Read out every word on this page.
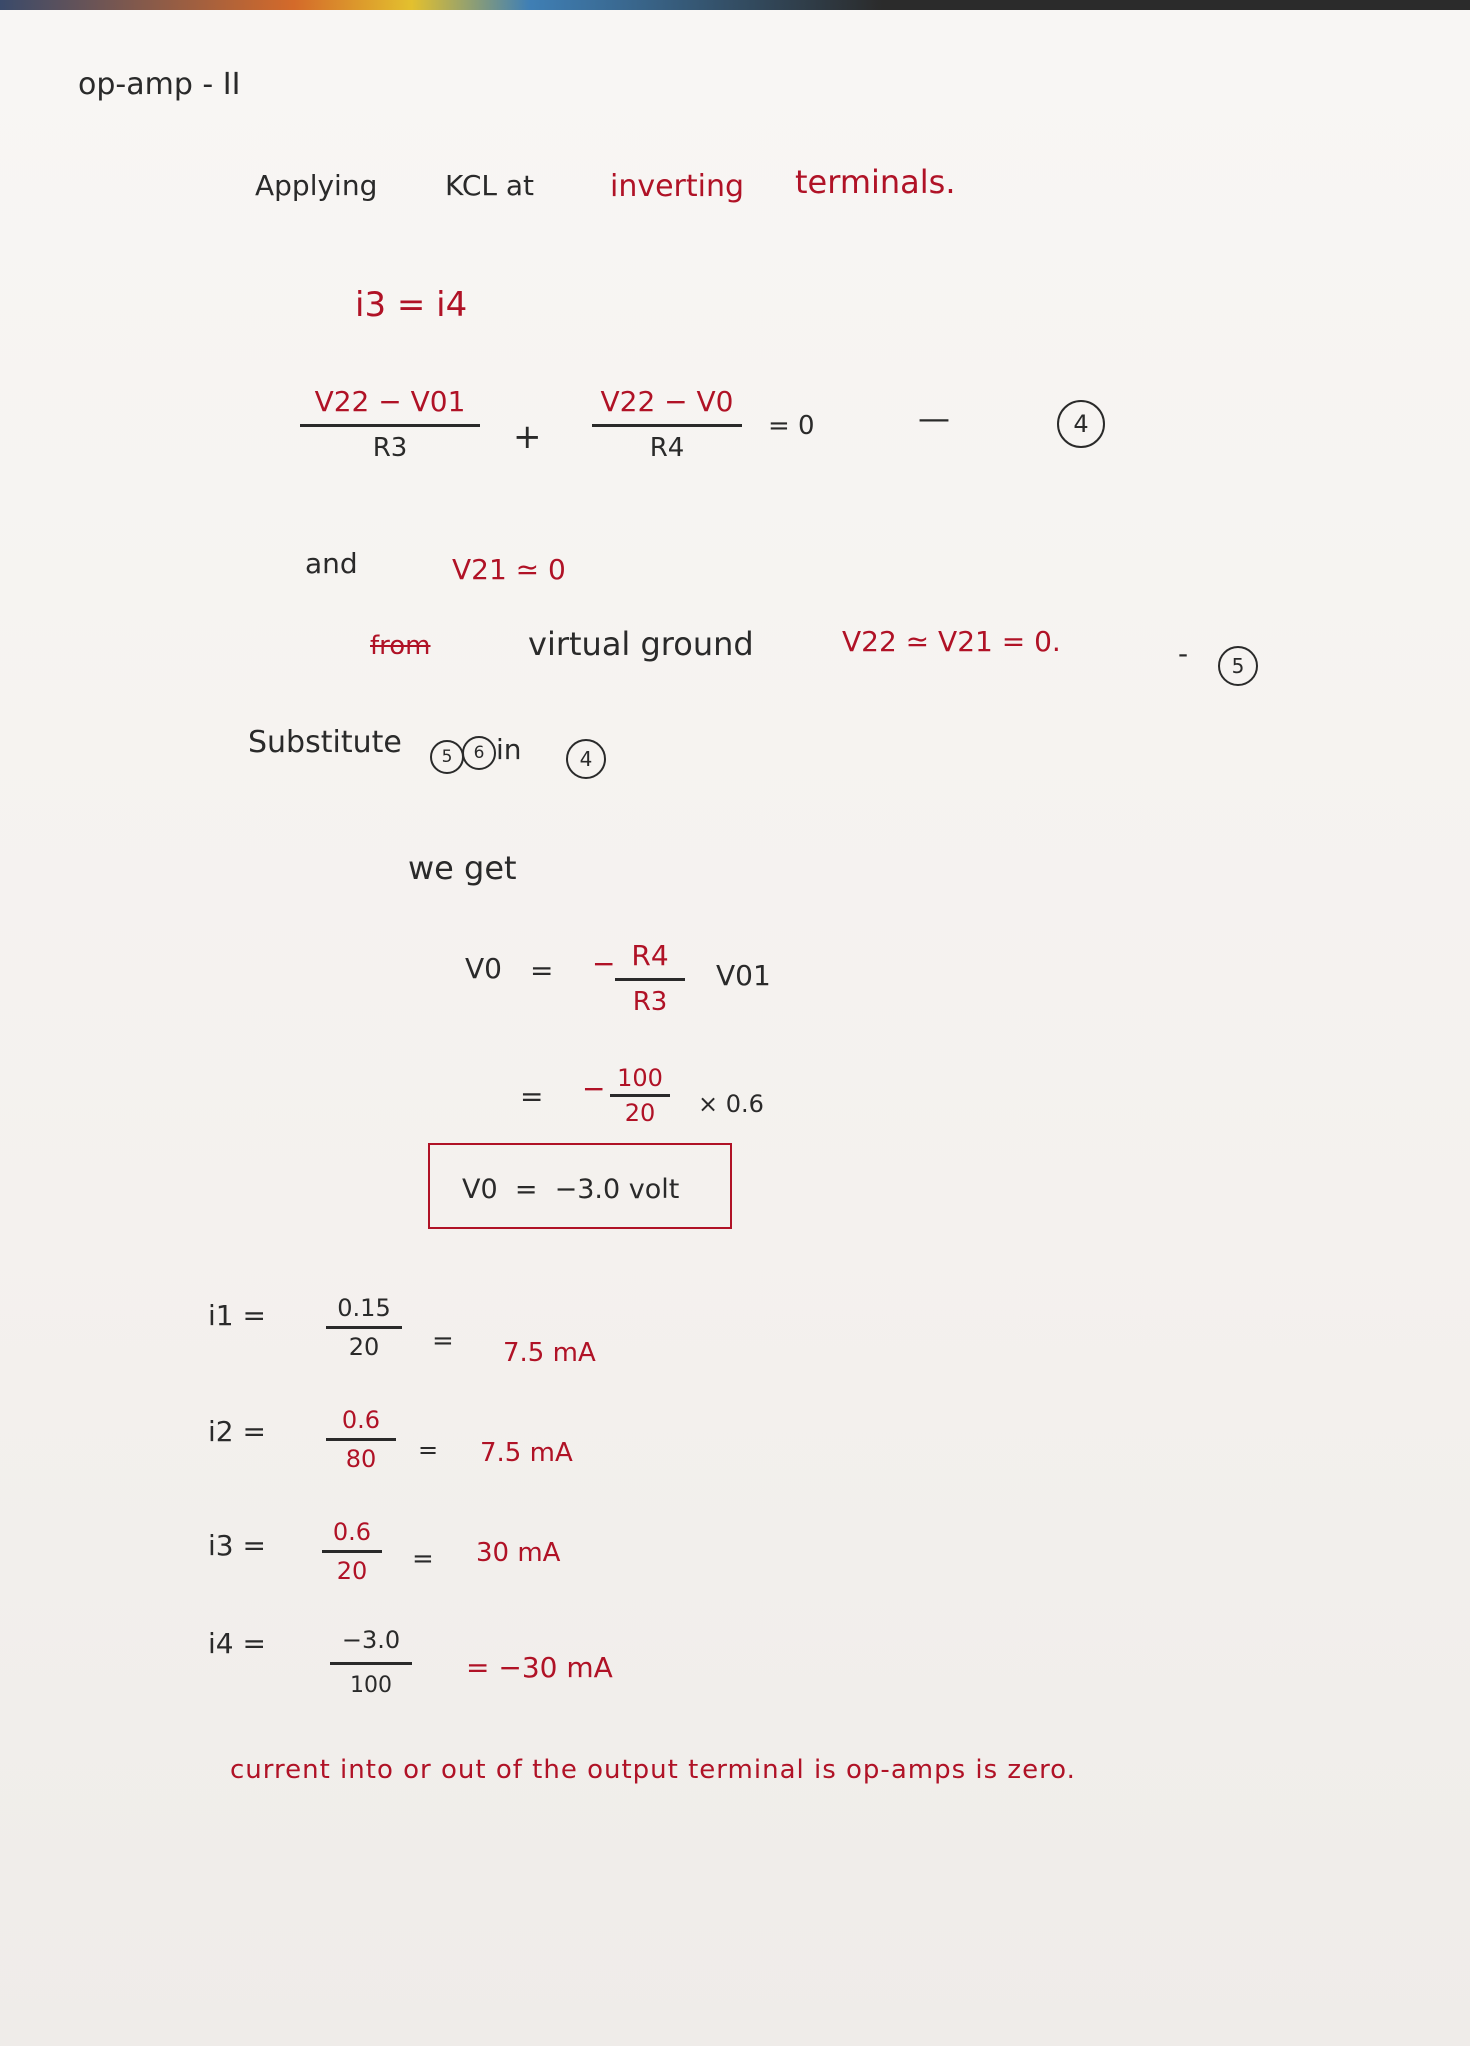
op-amp - II
Applying KCL at	inverting terminals.
i3 = i4
V22 − V01
R3	+
V22 − V0
R4
= 0	—	4
and	V21 ≃ 0
from	virtual ground	V22 ≃ V21 = 0.	-	5
Substitute	5	6 in	4
we get
V0 = − R4
R3
V01
= − 100
20 × 0.6
V0  =  −3.0 volt
i1 =	0.15
20 = 7.5 mA
i2 =	0.6
80 = 7.5 mA
i3 =	0.6
20 = 30 mA
i4 =	−3.0
100
= −30 mA
current into or out of the output terminal is op-amps is zero.
